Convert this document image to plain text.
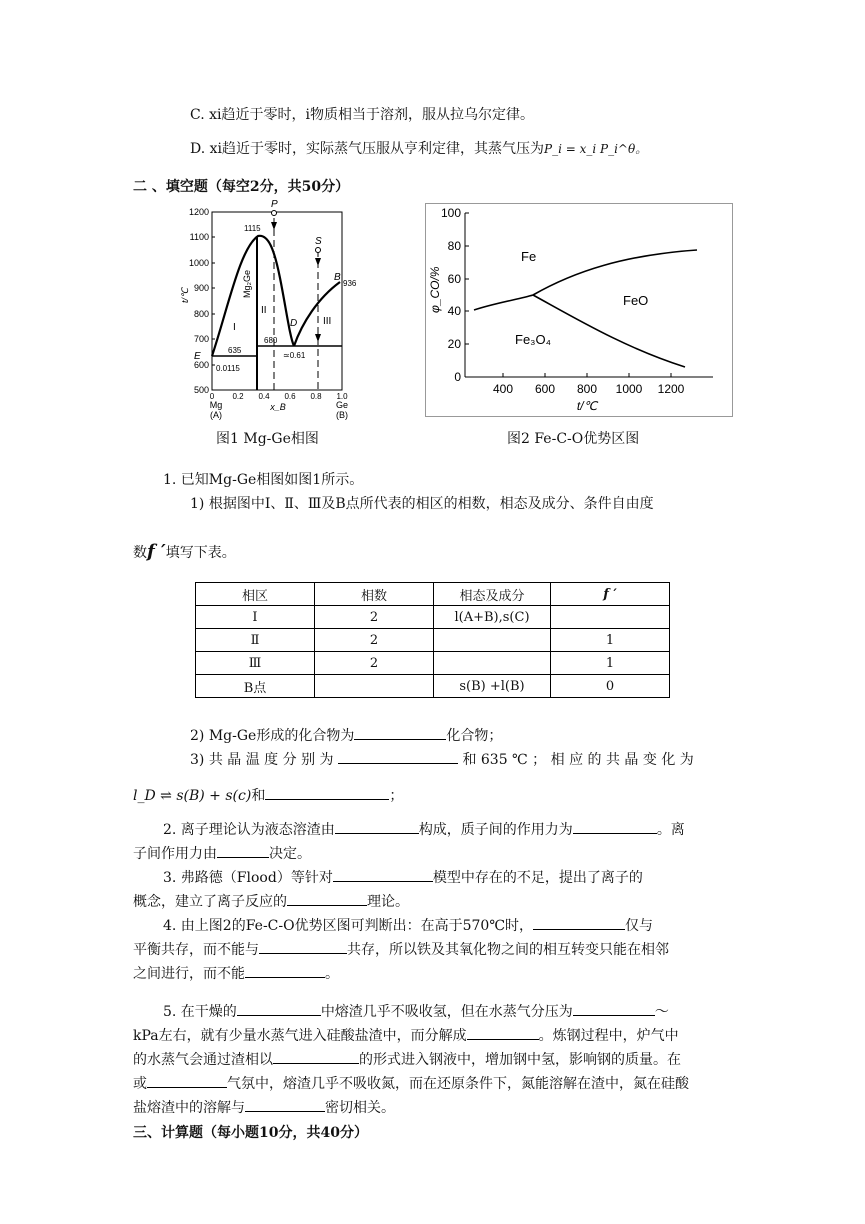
C. xi趋近于零时，i物质相当于溶剂，服从拉乌尔定律。
D. xi趋近于零时，实际蒸气压服从亨利定律，其蒸气压为P_i = x_i P_i^θ。
二 、填空题（每空2分，共50分）
1200
1100
1000
900
800
700
600
500
t/℃
0 0.2 0.4 0.6 0.8 1.0
Mg
(A)
Ge
(B)
x_B
P
S
B
D
E
1115
936
680
635
0.0115
≃0.61
I
II
III
Mg₂Ge
图1 Mg-Ge相图
100
80
60
40
20
0
400 600 800 1000 1200
t/℃
φ_CO/%
Fe
FeO
Fe₃O₄
图2 Fe-C-O优势区图
1. 已知Mg-Ge相图如图1所示。
1) 根据图中Ⅰ、Ⅱ、Ⅲ及B点所代表的相区的相数，相态及成分、条件自由度
数f ′填写下表。
相区	相数	相态及成分	f ′
Ⅰ	2	l(A+B),s(C)	
Ⅱ	2		1
Ⅲ	2		1
B点		s(B) +l(B)	0
2) Mg-Ge形成的化合物为	化合物；
3) 共 晶 温 度 分 别 为	和 635 ℃ ； 相 应 的 共 晶 变 化 为
l_D ⇌ s(B) + s(c)和	；
2. 离子理论认为液态溶渣由	构成，质子间的作用力为	。离
子间作用力由	决定。
3. 弗路德（Flood）等针对	模型中存在的不足，提出了离子的
概念，建立了离子反应的	理论。
4. 由上图2的Fe-C-O优势区图可判断出：在高于570℃时，	仅与
平衡共存，而不能与	共存，所以铁及其氧化物之间的相互转变只能在相邻
之间进行，而不能	。
5. 在干燥的	中熔渣几乎不吸收氢，但在水蒸气分压为	～
kPa左右，就有少量水蒸气进入硅酸盐渣中，而分解成	。炼钢过程中，炉气中
的水蒸气会通过渣相以	的形式进入钢液中，增加钢中氢，影响钢的质量。在
或	气氛中，熔渣几乎不吸收氮，而在还原条件下，氮能溶解在渣中，氮在硅酸
盐熔渣中的溶解与	密切相关。
三、计算题（每小题10分，共40分）
